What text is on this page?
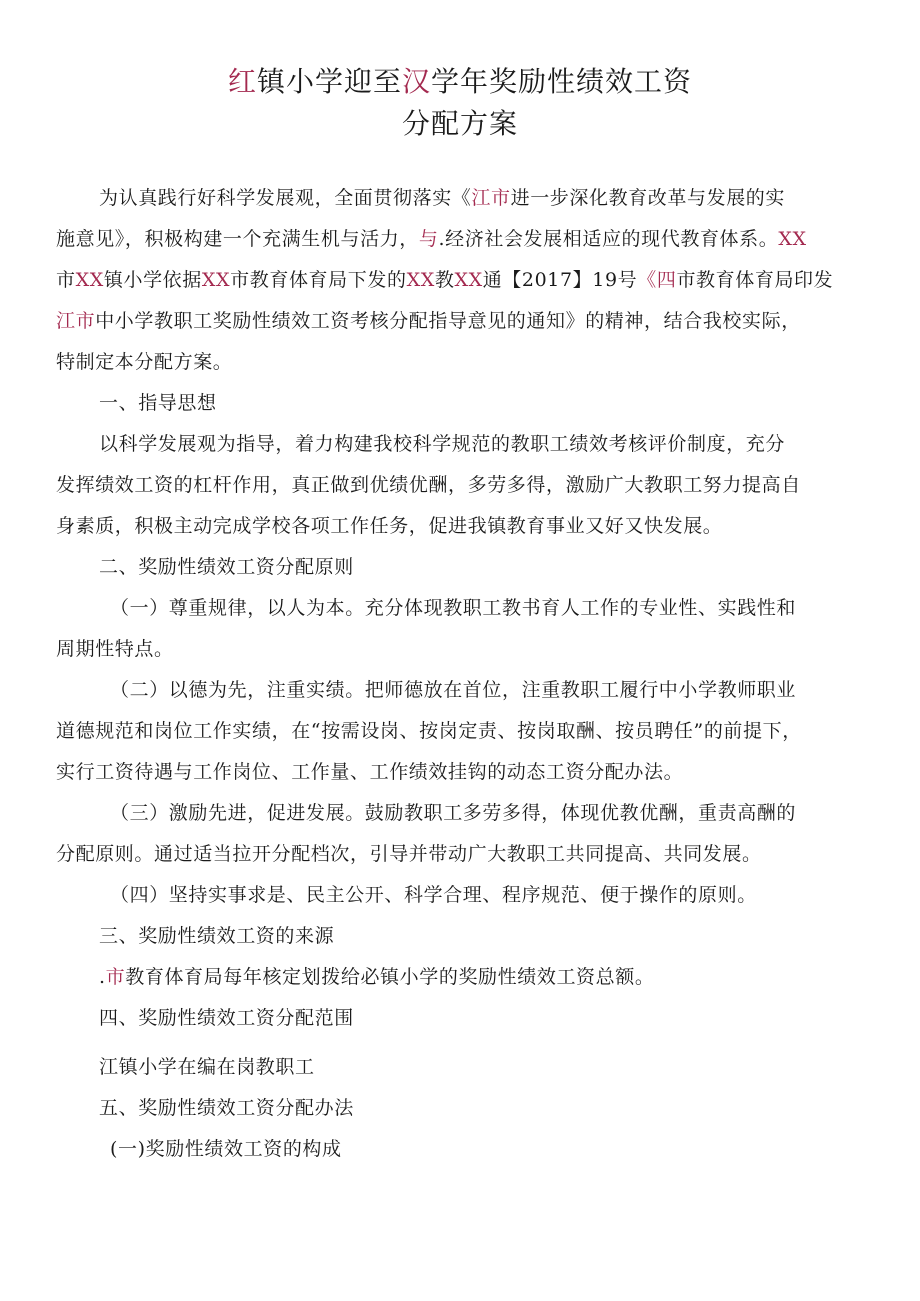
红镇小学迎至汉学年奖励性绩效工资
分配方案
为认真践行好科学发展观，全面贯彻落实《江市进一步深化教育改革与发展的实
施意见》，积极构建一个充满生机与活力，与.经济社会发展相适应的现代教育体系。XX
市XX镇小学依据XX市教育体育局下发的XX教XX通【2017】19号《四市教育体育局印发
江市中小学教职工奖励性绩效工资考核分配指导意见的通知》的精神，结合我校实际，
特制定本分配方案。
一、指导思想
以科学发展观为指导，着力构建我校科学规范的教职工绩效考核评价制度，充分
发挥绩效工资的杠杆作用，真正做到优绩优酬，多劳多得，激励广大教职工努力提高自
身素质，积极主动完成学校各项工作任务，促进我镇教育事业又好又快发展。
二、奖励性绩效工资分配原则
（一）尊重规律，以人为本。充分体现教职工教书育人工作的专业性、实践性和
周期性特点。
（二）以德为先，注重实绩。把师德放在首位，注重教职工履行中小学教师职业
道德规范和岗位工作实绩，在“按需设岗、按岗定责、按岗取酬、按员聘任”的前提下，
实行工资待遇与工作岗位、工作量、工作绩效挂钩的动态工资分配办法。
（三）激励先进，促进发展。鼓励教职工多劳多得，体现优教优酬，重责高酬的
分配原则。通过适当拉开分配档次，引导并带动广大教职工共同提高、共同发展。
（四）坚持实事求是、民主公开、科学合理、程序规范、便于操作的原则。
三、奖励性绩效工资的来源
.市教育体育局每年核定划拨给必镇小学的奖励性绩效工资总额。
四、奖励性绩效工资分配范围
江镇小学在编在岗教职工
五、奖励性绩效工资分配办法
(一)奖励性绩效工资的构成
